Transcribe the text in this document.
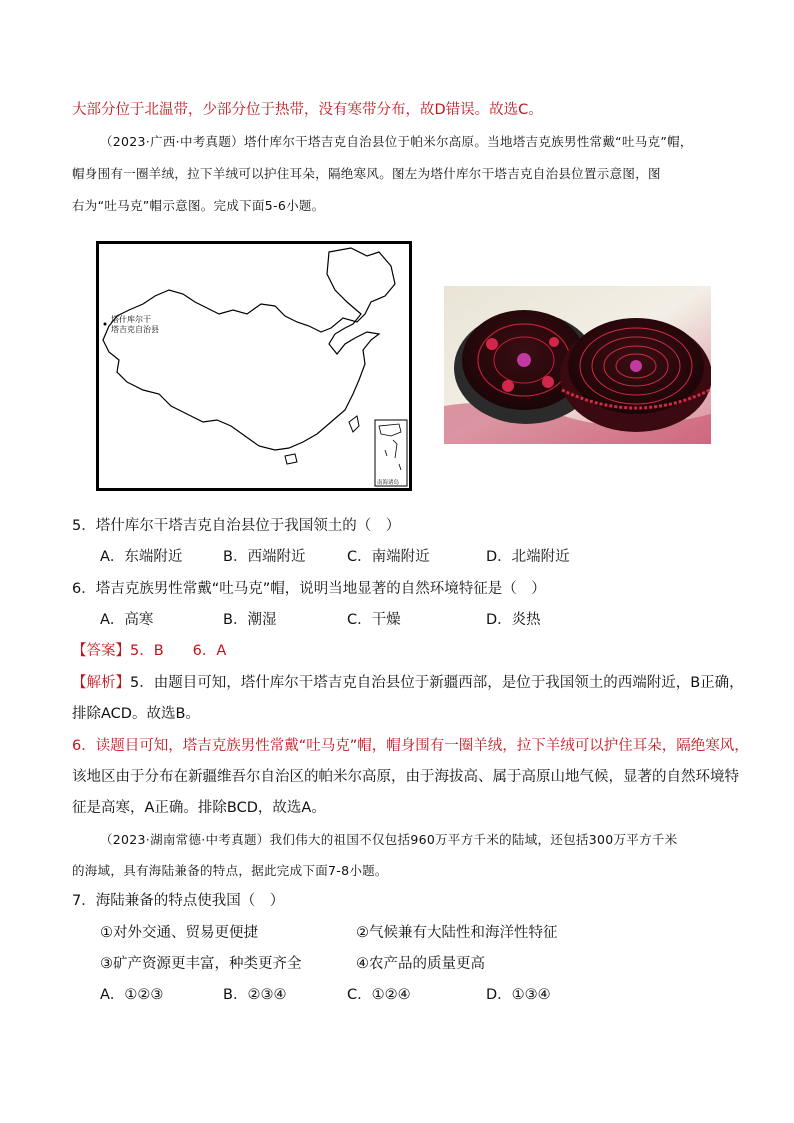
大部分位于北温带，少部分位于热带，没有寒带分布，故D错误。故选C。
（2023·广西·中考真题）塔什库尔干塔吉克自治县位于帕米尔高原。当地塔吉克族男性常戴“吐马克”帽，
帽身围有一圈羊绒，拉下羊绒可以护住耳朵，隔绝寒风。图左为塔什库尔干塔吉克自治县位置示意图，图
右为“吐马克”帽示意图。完成下面5-6小题。
塔什库尔干
塔吉克自治县
南海诸岛
5．塔什库尔干塔吉克自治县位于我国领土的（　）
A．东端附近	B．西端附近	C．南端附近	D．北端附近
6．塔吉克族男性常戴“吐马克”帽，说明当地显著的自然环境特征是（　）
A．高寒	B．潮湿	C．干燥	D．炎热
【答案】5．B　　6．A
【解析】5．由题目可知，塔什库尔干塔吉克自治县位于新疆西部，是位于我国领土的西端附近，B正确，
排除ACD。故选B。
6．读题目可知，塔吉克族男性常戴“吐马克”帽，帽身围有一圈羊绒，拉下羊绒可以护住耳朵，隔绝寒风，
该地区由于分布在新疆维吾尔自治区的帕米尔高原，由于海拔高、属于高原山地气候，显著的自然环境特
征是高寒，A正确。排除BCD，故选A。
（2023·湖南常德·中考真题）我们伟大的祖国不仅包括960万平方千米的陆域，还包括300万平方千米
的海域，具有海陆兼备的特点，据此完成下面7-8小题。
7．海陆兼备的特点使我国（　）
①对外交通、贸易更便捷	②气候兼有大陆性和海洋性特征
③矿产资源更丰富，种类更齐全	④农产品的质量更高
A．①②③	B．②③④	C．①②④	D．①③④
